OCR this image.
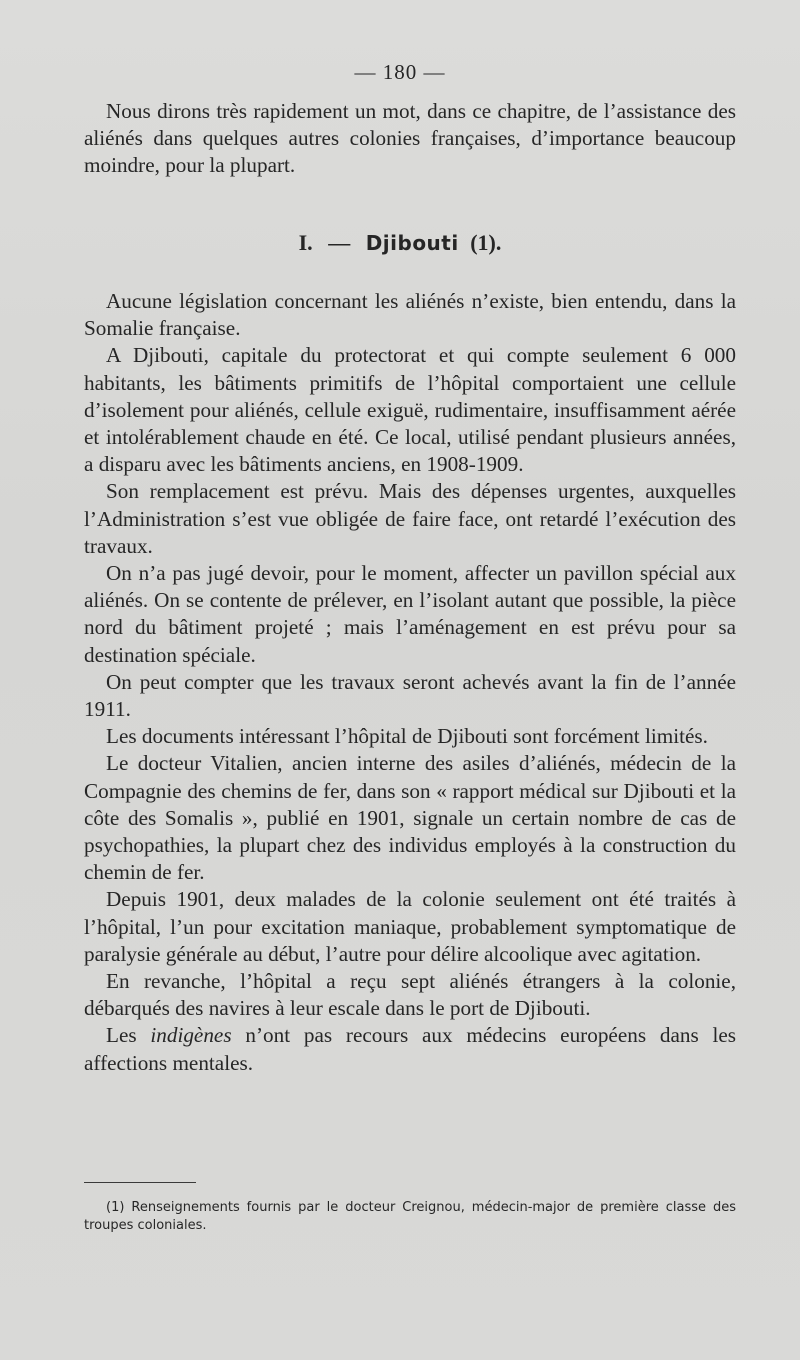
— 180 —

Nous dirons très rapidement un mot, dans ce chapitre, de l’assistance des aliénés dans quelques autres colonies françaises, d’importance beaucoup moindre, pour la plupart.

I. — Djibouti (1).

Aucune législation concernant les aliénés n’existe, bien entendu, dans la Somalie française.

A Djibouti, capitale du protectorat et qui compte seulement 6 000 habitants, les bâtiments primitifs de l’hôpital comportaient une cellule d’isolement pour aliénés, cellule exiguë, rudimentaire, insuffisamment aérée et intolérablement chaude en été. Ce local, utilisé pendant plusieurs années, a disparu avec les bâtiments anciens, en 1908-1909.

Son remplacement est prévu. Mais des dépenses urgentes, auxquelles l’Administration s’est vue obligée de faire face, ont retardé l’exécution des travaux.

On n’a pas jugé devoir, pour le moment, affecter un pavillon spécial aux aliénés. On se contente de prélever, en l’isolant autant que possible, la pièce nord du bâtiment projeté ; mais l’aménagement en est prévu pour sa destination spéciale.

On peut compter que les travaux seront achevés avant la fin de l’année 1911.

Les documents intéressant l’hôpital de Djibouti sont forcément limités.

Le docteur Vitalien, ancien interne des asiles d’aliénés, médecin de la Compagnie des chemins de fer, dans son « rapport médical sur Djibouti et la côte des Somalis », publié en 1901, signale un certain nombre de cas de psychopathies, la plupart chez des individus employés à la construction du chemin de fer.

Depuis 1901, deux malades de la colonie seulement ont été traités à l’hôpital, l’un pour excitation maniaque, probablement symptomatique de paralysie générale au début, l’autre pour délire alcoolique avec agitation.

En revanche, l’hôpital a reçu sept aliénés étrangers à la colonie, débarqués des navires à leur escale dans le port de Djibouti.

Les indigènes n’ont pas recours aux médecins européens dans les affections mentales.

(1) Renseignements fournis par le docteur Creignou, médecin-major de première classe des troupes coloniales.
